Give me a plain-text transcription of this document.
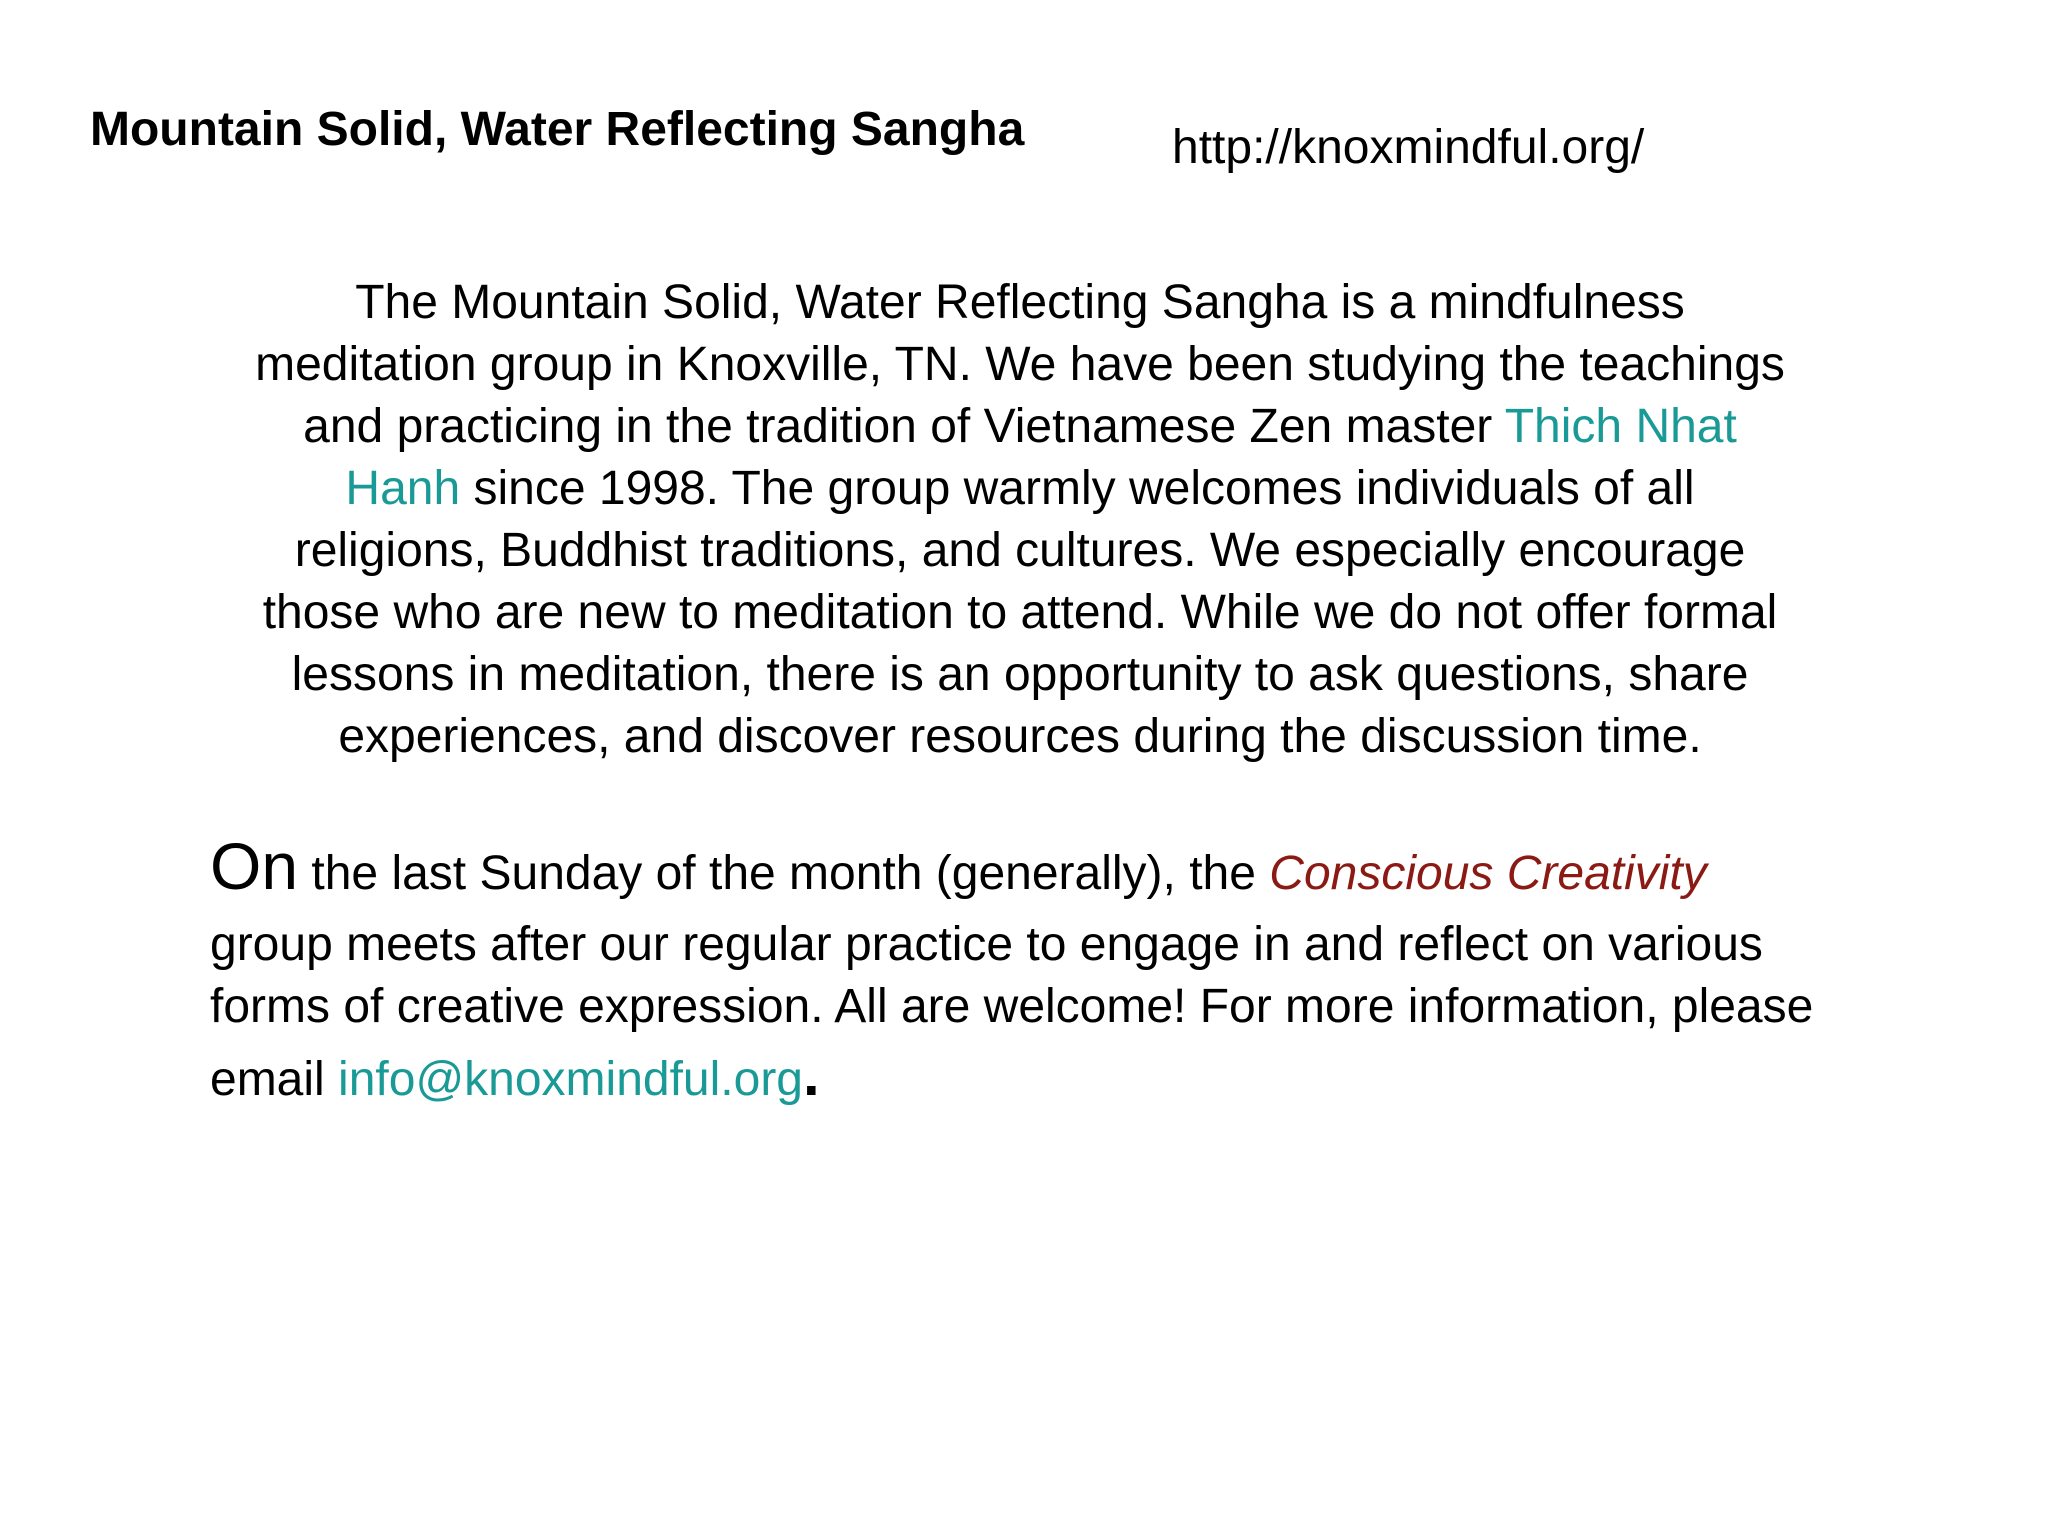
Mountain Solid, Water Reflecting Sangha	http://knoxmindful.org/
The Mountain Solid, Water Reflecting Sangha is a mindfulness
meditation group in Knoxville, TN. We have been studying the teachings
and practicing in the tradition of Vietnamese Zen master Thich Nhat
Hanh since 1998. The group warmly welcomes individuals of all
religions, Buddhist traditions, and cultures. We especially encourage
those who are new to meditation to attend. While we do not offer formal
lessons in meditation, there is an opportunity to ask questions, share
experiences, and discover resources during the discussion time.
On the last Sunday of the month (generally), the Conscious Creativity
group meets after our regular practice to engage in and reflect on various
forms of creative expression. All are welcome! For more information, please
email info@knoxmindful.org.
